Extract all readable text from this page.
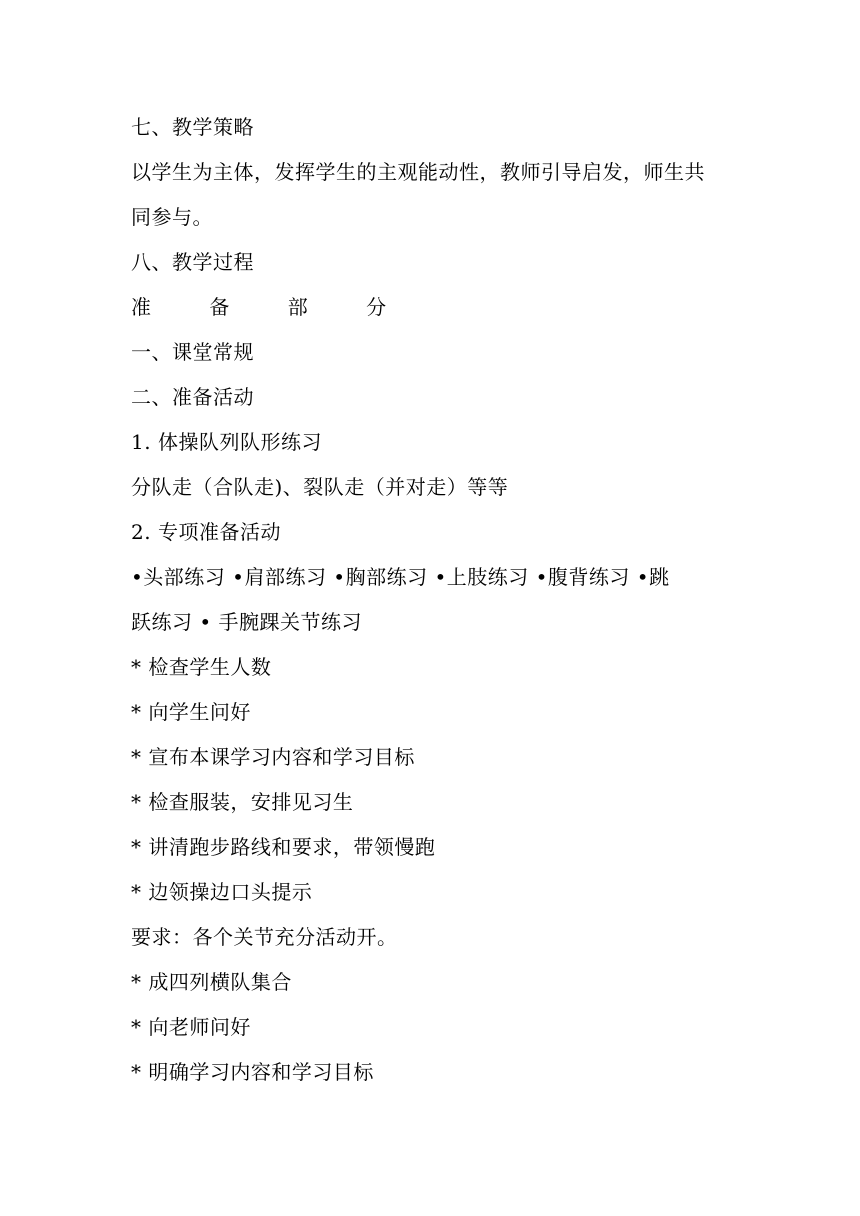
七、教学策略
以学生为主体，发挥学生的主观能动性，教师引导启发，师生共
同参与。
八、教学过程
准 备 部 分
一、课堂常规
二、准备活动
1. 体操队列队形练习
分队走（合队走)、裂队走（并对走）等等
2. 专项准备活动
•头部练习 •肩部练习 •胸部练习 •上肢练习 •腹背练习 •跳
跃练习 • 手腕踝关节练习
* 检查学生人数
* 向学生问好
* 宣布本课学习内容和学习目标
* 检查服装，安排见习生
* 讲清跑步路线和要求，带领慢跑
* 边领操边口头提示
要求：各个关节充分活动开。
* 成四列横队集合
* 向老师问好
* 明确学习内容和学习目标
